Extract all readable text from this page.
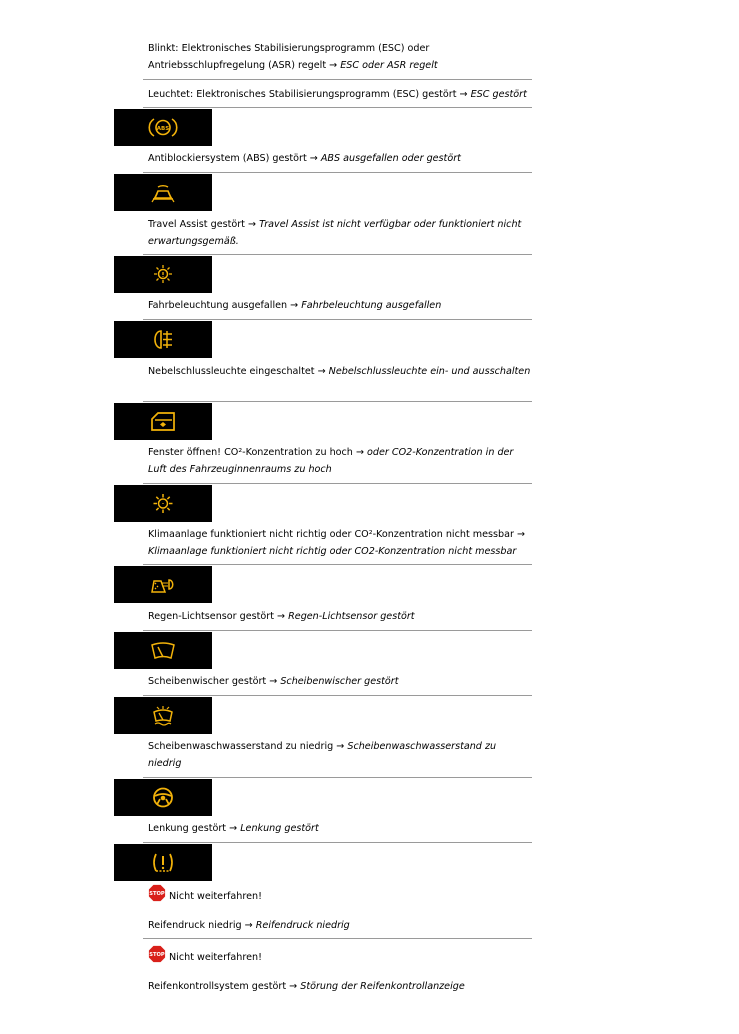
Blinkt: Elektronisches Stabilisierungsprogramm (ESC) oder Antriebsschlupfregelung (ASR) regelt → ESC oder ASR regelt
Leuchtet: Elektronisches Stabilisierungsprogramm (ESC) gestört → ESC gestört
ABS
Antiblockiersystem (ABS) gestört → ABS ausgefallen oder gestört
Travel Assist gestört → Travel Assist ist nicht verfügbar oder funktioniert nicht erwartungsgemäß.
Fahrbeleuchtung ausgefallen → Fahrbeleuchtung ausgefallen
Nebelschlussleuchte eingeschaltet → Nebelschlussleuchte ein- und ausschalten
Fenster öffnen! CO²-Konzentration zu hoch → oder CO2-Konzentration in der Luft des Fahrzeuginnenraums zu hoch
Klimaanlage funktioniert nicht richtig oder CO²-Konzentration nicht messbar → Klimaanlage funktioniert nicht richtig oder CO2-Konzentration nicht messbar
Regen-Lichtsensor gestört → Regen-Lichtsensor gestört
Scheibenwischer gestört → Scheibenwischer gestört
Scheibenwaschwasserstand zu niedrig → Scheibenwaschwasserstand zu niedrig
Lenkung gestört → Lenkung gestört
STOP Nicht weiterfahren!
Reifendruck niedrig → Reifendruck niedrig
STOP Nicht weiterfahren!
Reifenkontrollsystem gestört → Störung der Reifenkontrollanzeige
